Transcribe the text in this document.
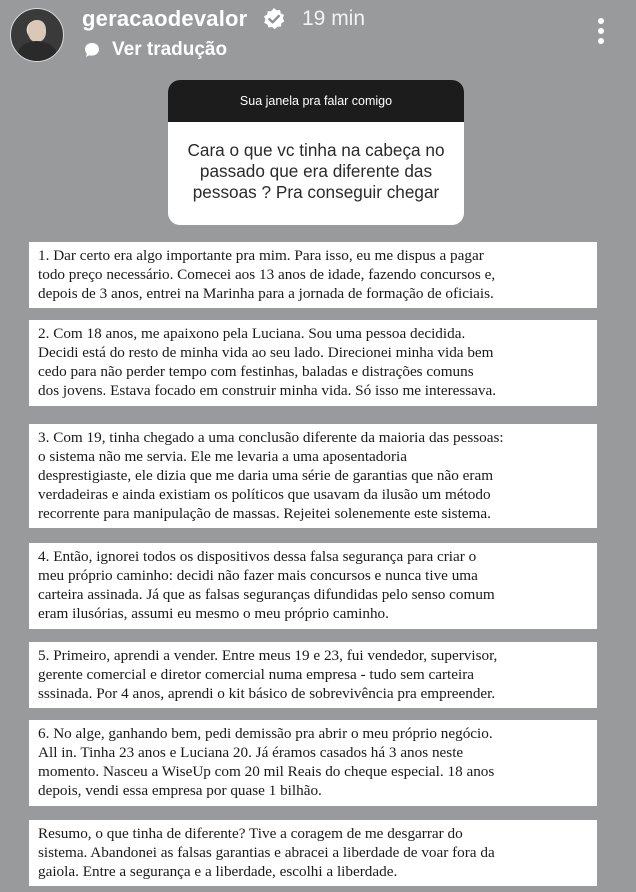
geracaodevalor	19 min
Ver tradução
Sua janela pra falar comigo
Cara o que vc tinha na cabeça no
passado que era diferente das
pessoas ? Pra conseguir chegar
1. Dar certo era algo importante pra mim. Para isso, eu me dispus a pagar
todo preço necessário. Comecei aos 13 anos de idade, fazendo concursos e,
depois de 3 anos, entrei na Marinha para a jornada de formação de oficiais.
2. Com 18 anos, me apaixono pela Luciana. Sou uma pessoa decidida.
Decidi está do resto de minha vida ao seu lado. Direcionei minha vida bem
cedo para não perder tempo com festinhas, baladas e distrações comuns
dos jovens. Estava focado em construir minha vida. Só isso me interessava.
3. Com 19, tinha chegado a uma conclusão diferente da maioria das pessoas:
o sistema não me servia. Ele me levaria a uma aposentadoria
desprestigiaste, ele dizia que me daria uma série de garantias que não eram
verdadeiras e ainda existiam os políticos que usavam da ilusão um método
recorrente para manipulação de massas. Rejeitei solenemente este sistema.
4. Então, ignorei todos os dispositivos dessa falsa segurança para criar o
meu próprio caminho: decidi não fazer mais concursos e nunca tive uma
carteira assinada. Já que as falsas seguranças difundidas pelo senso comum
eram ilusórias, assumi eu mesmo o meu próprio caminho.
5. Primeiro, aprendi a vender. Entre meus 19 e 23, fui vendedor, supervisor,
gerente comercial e diretor comercial numa empresa - tudo sem carteira
sssinada. Por 4 anos, aprendi o kit básico de sobrevivência pra empreender.
6. No alge, ganhando bem, pedi demissão pra abrir o meu próprio negócio.
All in. Tinha 23 anos e Luciana 20. Já éramos casados há 3 anos neste
momento. Nasceu a WiseUp com 20 mil Reais do cheque especial. 18 anos
depois, vendi essa empresa por quase 1 bilhão.
Resumo, o que tinha de diferente? Tive a coragem de me desgarrar do
sistema. Abandonei as falsas garantias e abracei a liberdade de voar fora da
gaiola. Entre a segurança e a liberdade, escolhi a liberdade.
